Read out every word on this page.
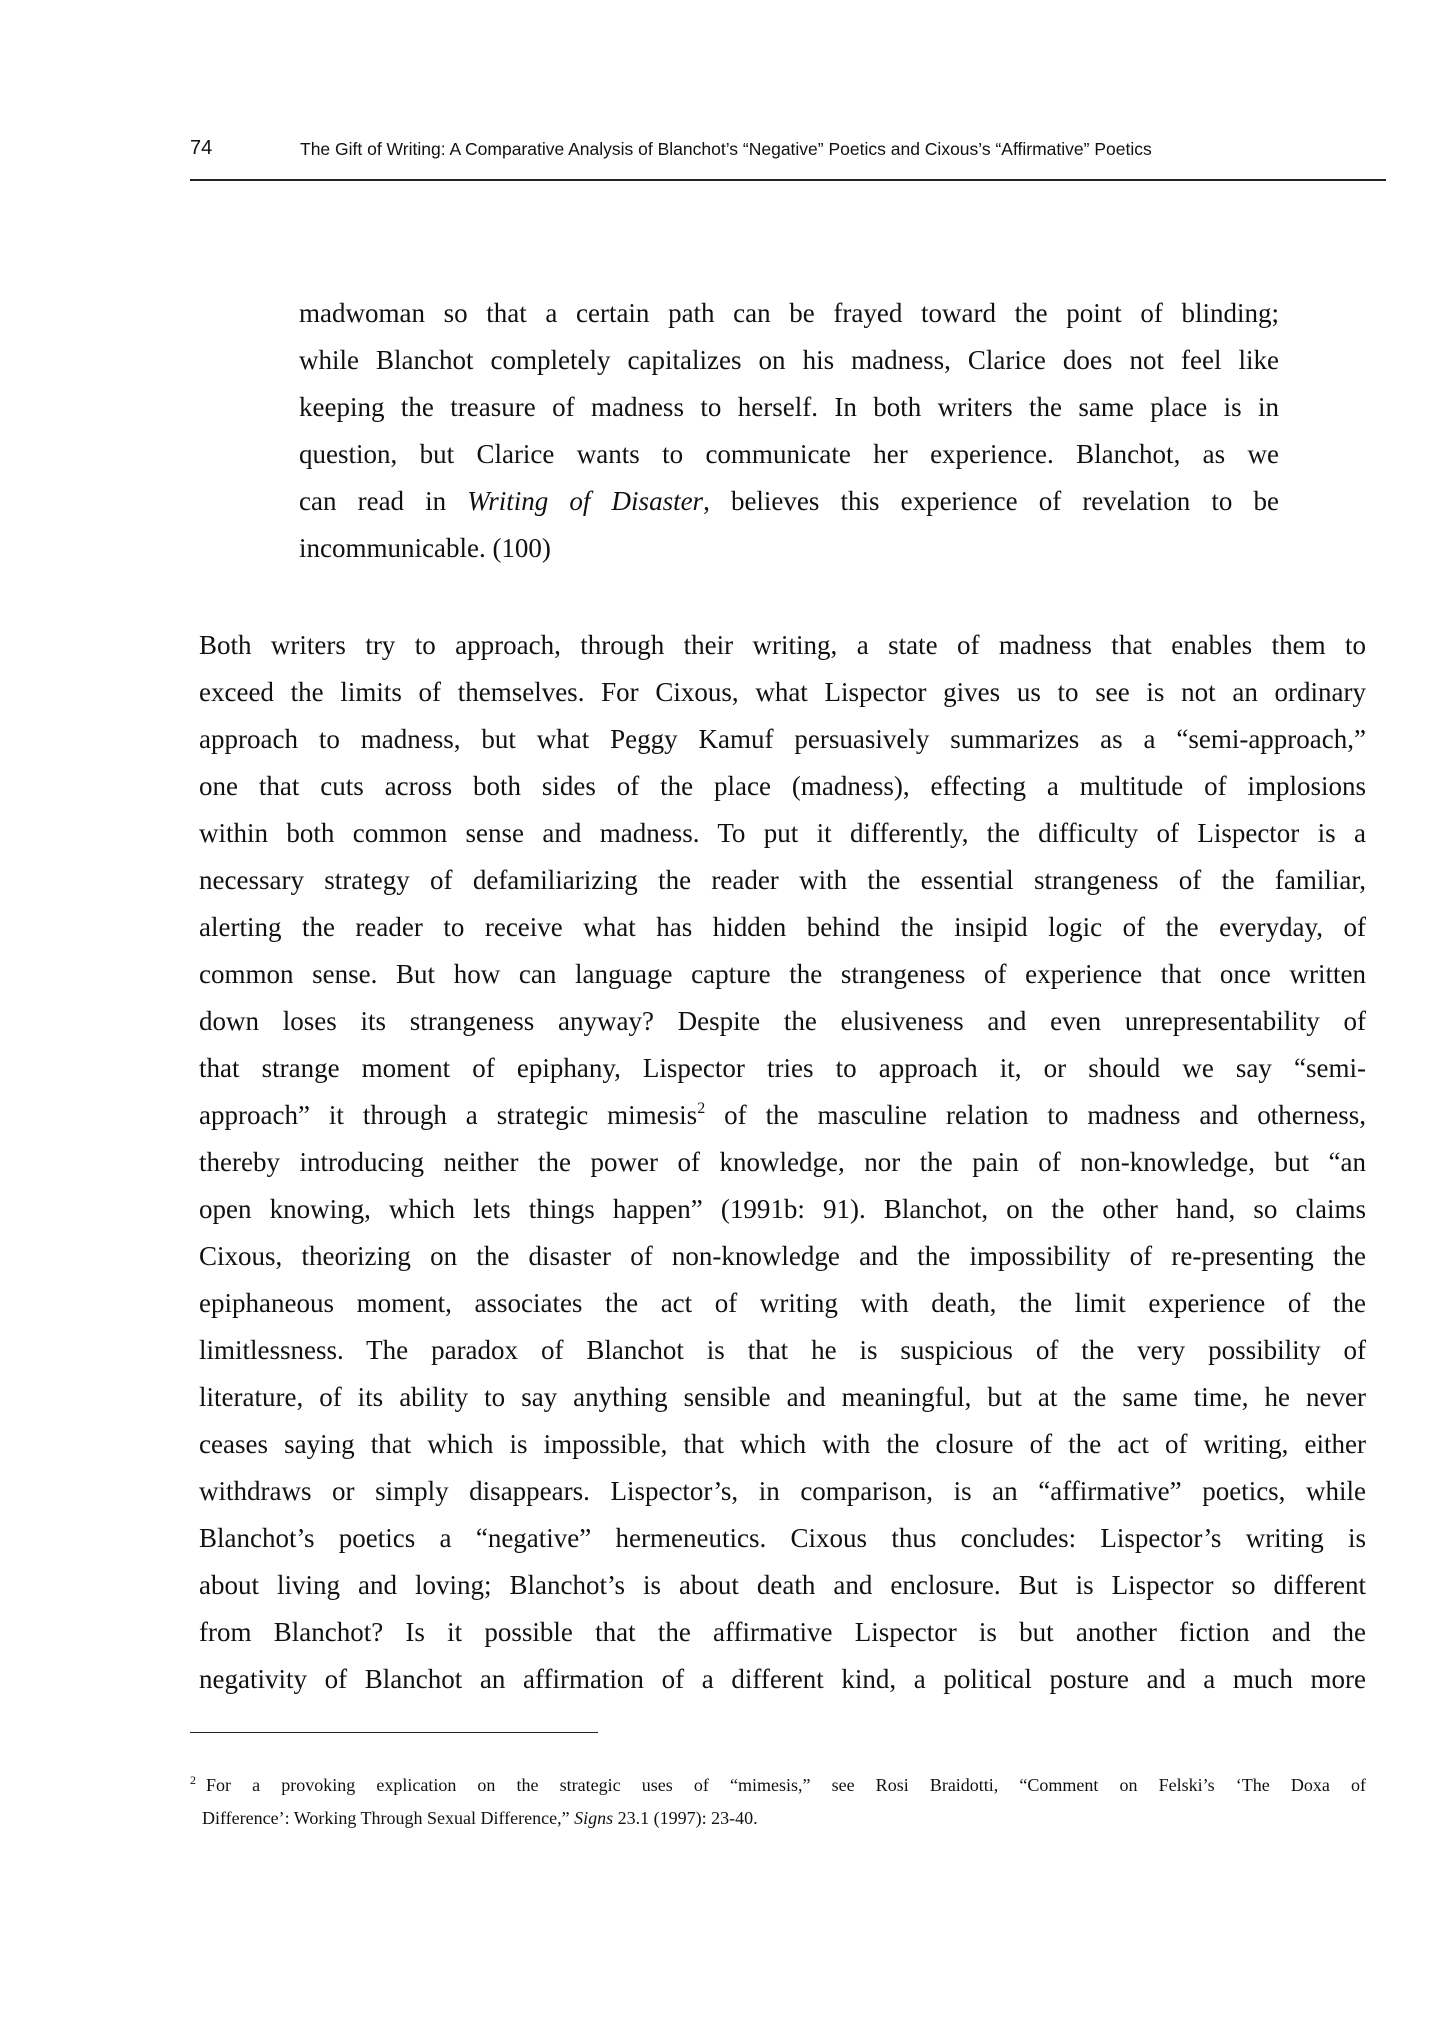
74	The Gift of Writing: A Comparative Analysis of Blanchot’s “Negative” Poetics and Cixous’s “Affirmative” Poetics
madwoman so that a certain path can be frayed toward the point of blinding;
while Blanchot completely capitalizes on his madness, Clarice does not feel like
keeping the treasure of madness to herself. In both writers the same place is in
question, but Clarice wants to communicate her experience. Blanchot, as we
can read in Writing of Disaster, believes this experience of revelation to be
incommunicable. (100)
Both writers try to approach, through their writing, a state of madness that enables them to
exceed the limits of themselves. For Cixous, what Lispector gives us to see is not an ordinary
approach to madness, but what Peggy Kamuf persuasively summarizes as a “semi-approach,”
one that cuts across both sides of the place (madness), effecting a multitude of implosions
within both common sense and madness. To put it differently, the difficulty of Lispector is a
necessary strategy of defamiliarizing the reader with the essential strangeness of the familiar,
alerting the reader to receive what has hidden behind the insipid logic of the everyday, of
common sense. But how can language capture the strangeness of experience that once written
down loses its strangeness anyway? Despite the elusiveness and even unrepresentability of
that strange moment of epiphany, Lispector tries to approach it, or should we say “semi-
approach” it through a strategic mimesis$^2$ of the masculine relation to madness and otherness,
thereby introducing neither the power of knowledge, nor the pain of non-knowledge, but “an
open knowing, which lets things happen” (1991b: 91). Blanchot, on the other hand, so claims
Cixous, theorizing on the disaster of non-knowledge and the impossibility of re-presenting the
epiphaneous moment, associates the act of writing with death, the limit experience of the
limitlessness. The paradox of Blanchot is that he is suspicious of the very possibility of
literature, of its ability to say anything sensible and meaningful, but at the same time, he never
ceases saying that which is impossible, that which with the closure of the act of writing, either
withdraws or simply disappears. Lispector’s, in comparison, is an “affirmative” poetics, while
Blanchot’s poetics a “negative” hermeneutics. Cixous thus concludes: Lispector’s writing is
about living and loving; Blanchot’s is about death and enclosure. But is Lispector so different
from Blanchot? Is it possible that the affirmative Lispector is but another fiction and the
negativity of Blanchot an affirmation of a different kind, a political posture and a much more
$^2$ For a provoking explication on the strategic uses of “mimesis,” see Rosi Braidotti, “Comment on Felski’s ‘The Doxa of
Difference’: Working Through Sexual Difference,” Signs 23.1 (1997): 23-40.
